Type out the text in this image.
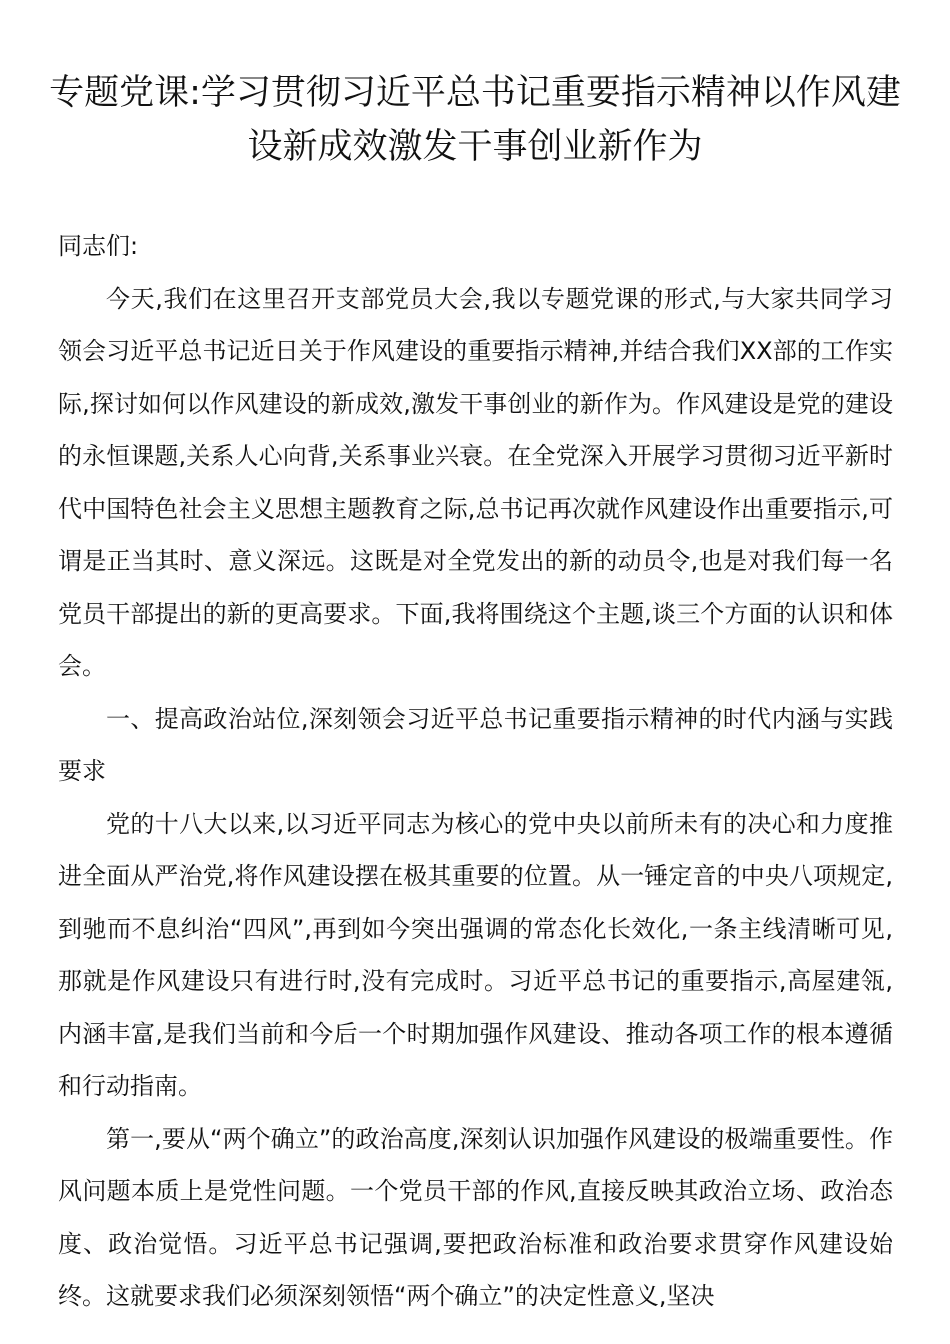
专题党课:学习贯彻习近平总书记重要指示精神以作风建设新成效激发干事创业新作为

同志们:

今天,我们在这里召开支部党员大会,我以专题党课的形式,与大家共同学习领会习近平总书记近日关于作风建设的重要指示精神,并结合我们XX部的工作实际,探讨如何以作风建设的新成效,激发干事创业的新作为。作风建设是党的建设的永恒课题,关系人心向背,关系事业兴衰。在全党深入开展学习贯彻习近平新时代中国特色社会主义思想主题教育之际,总书记再次就作风建设作出重要指示,可谓是正当其时、意义深远。这既是对全党发出的新的动员令,也是对我们每一名党员干部提出的新的更高要求。下面,我将围绕这个主题,谈三个方面的认识和体会。

一、提高政治站位,深刻领会习近平总书记重要指示精神的时代内涵与实践要求

党的十八大以来,以习近平同志为核心的党中央以前所未有的决心和力度推进全面从严治党,将作风建设摆在极其重要的位置。从一锤定音的中央八项规定,到驰而不息纠治“四风”,再到如今突出强调的常态化长效化,一条主线清晰可见,那就是作风建设只有进行时,没有完成时。习近平总书记的重要指示,高屋建瓴,内涵丰富,是我们当前和今后一个时期加强作风建设、推动各项工作的根本遵循和行动指南。

第一,要从“两个确立”的政治高度,深刻认识加强作风建设的极端重要性。作风问题本质上是党性问题。一个党员干部的作风,直接反映其政治立场、政治态度、政治觉悟。习近平总书记强调,要把政治标准和政治要求贯穿作风建设始终。这就要求我们必须深刻领悟“两个确立”的决定性意义,坚决
